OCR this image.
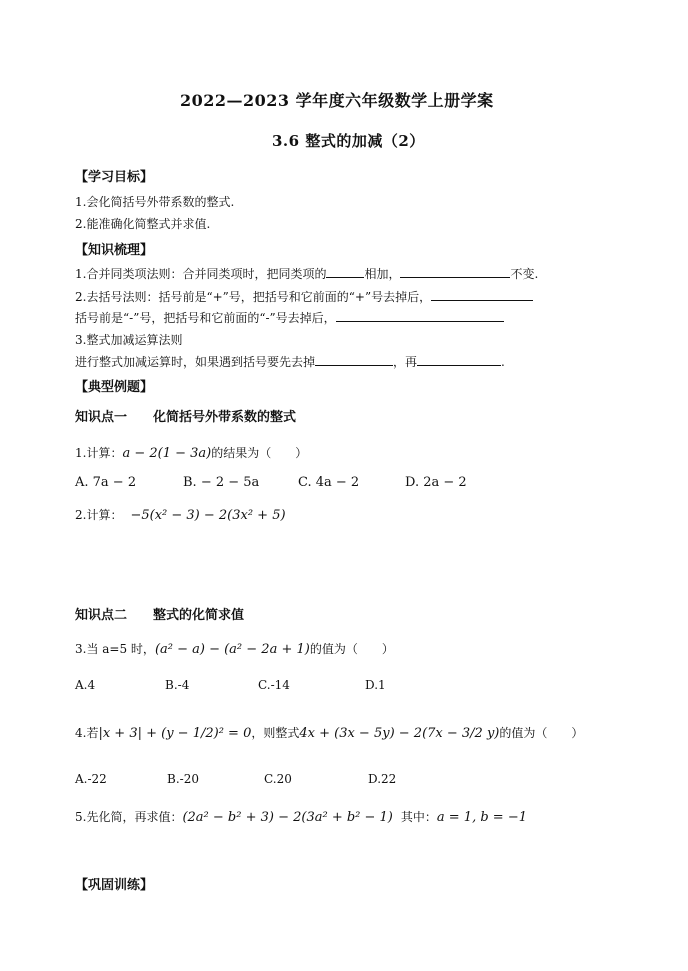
2022—2023 学年度六年级数学上册学案
3.6 整式的加减（2）
【学习目标】
1.会化简括号外带系数的整式.
2.能准确化简整式并求值.
【知识梳理】
1.合并同类项法则：合并同类项时，把同类项的	相加，	不变.
2.去括号法则：括号前是“+”号，把括号和它前面的“+”号去掉后，
括号前是“-”号，把括号和它前面的“-”号去掉后，
3.整式加减运算法则
进行整式加减运算时，如果遇到括号要先去掉	，再	.
【典型例题】
知识点一　　化简括号外带系数的整式
1.计算：a − 2(1 − 3a)的结果为（　　）
A. 7a − 2	B. − 2 − 5a	C. 4a − 2	D. 2a − 2
2.计算： −5(x² − 3) − 2(3x² + 5)
知识点二　　整式的化简求值
3.当 a=5 时，(a² − a) − (a² − 2a + 1)的值为（　　）
A.4	B.-4	C.-14	D.1
4.若|x + 3| + (y − 1/2)² = 0，则整式4x + (3x − 5y) − 2(7x − 3/2 y)的值为（　　）
A.-22	B.-20	C.20	D.22
5.先化简，再求值：(2a² − b² + 3) − 2(3a² + b² − 1) 其中：a = 1, b = −1
【巩固训练】
